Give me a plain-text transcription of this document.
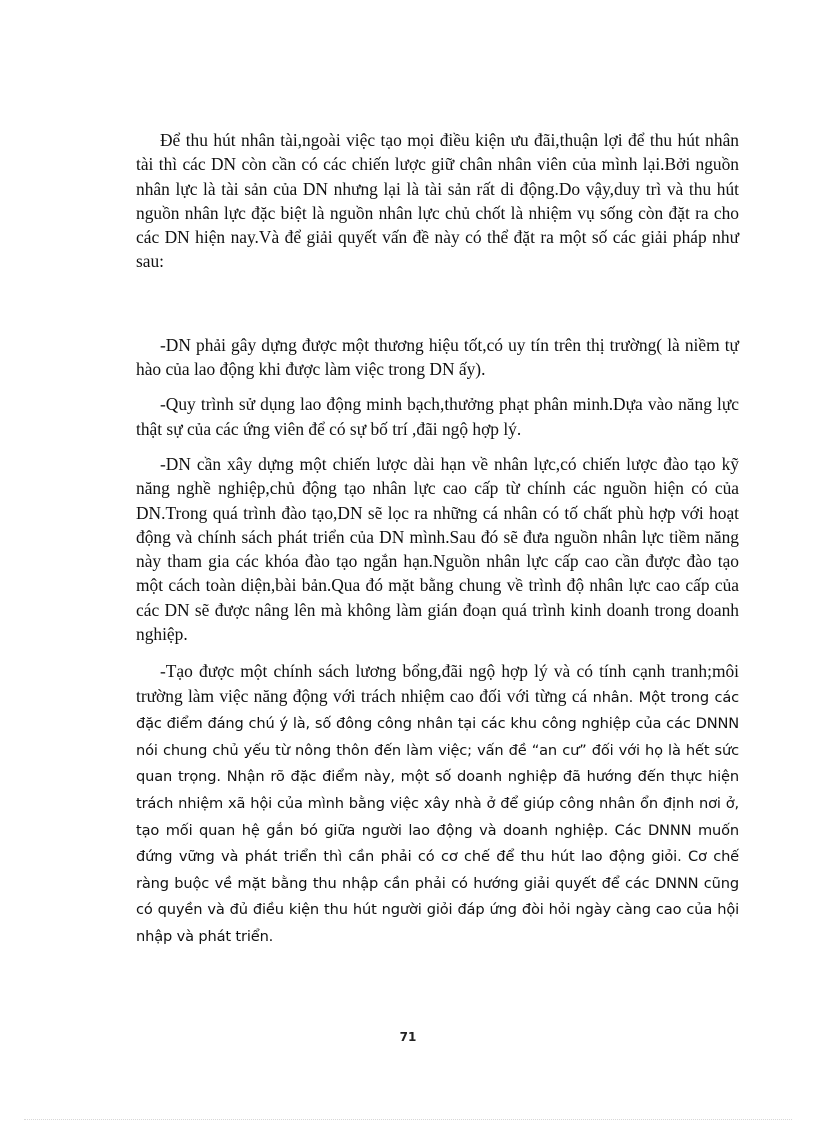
Để thu hút nhân tài,ngoài việc tạo mọi điều kiện ưu đãi,thuận lợi để thu hút nhân tài thì các DN còn cần có các chiến lược giữ chân nhân viên của mình lại.Bởi nguồn nhân lực là tài sản của DN nhưng lại là tài sản rất di động.Do vậy,duy trì và thu hút nguồn nhân lực đặc biệt là nguồn nhân lực chủ chốt là nhiệm vụ sống còn đặt ra cho các DN hiện nay.Và để giải quyết vấn đề này có thể đặt ra một số các giải pháp như sau:

-DN phải gây dựng được một thương hiệu tốt,có uy tín trên thị trường( là niềm tự hào của lao động khi được làm việc trong DN ấy).

-Quy trình sử dụng lao động minh bạch,thưởng phạt phân minh.Dựa vào năng lực thật sự của các ứng viên để có sự bố trí ,đãi ngộ hợp lý.

-DN cần xây dựng một chiến lược dài hạn về nhân lực,có chiến lược đào tạo kỹ năng nghề nghiệp,chủ động tạo nhân lực cao cấp từ chính các nguồn hiện có của DN.Trong quá trình đào tạo,DN sẽ lọc ra những cá nhân có tố chất phù hợp với hoạt động và chính sách phát triển của DN mình.Sau đó sẽ đưa nguồn nhân lực tiềm năng này tham gia các khóa đào tạo ngắn hạn.Nguồn nhân lực cấp cao cần được đào tạo một cách toàn diện,bài bản.Qua đó mặt bằng chung về trình độ nhân lực cao cấp của các DN sẽ được nâng lên mà không làm gián đoạn quá trình kinh doanh trong doanh nghiệp.

-Tạo được một chính sách lương bổng,đãi ngộ hợp lý và có tính cạnh tranh;môi trường làm việc năng động với trách nhiệm cao đối với từng cá nhân. Một trong các đặc điểm đáng chú ý là, số đông công nhân tại các khu công nghiệp của các DNNN nói chung chủ yếu từ nông thôn đến làm việc; vấn đề “an cư” đối với họ là hết sức quan trọng. Nhận rõ đặc điểm này, một số doanh nghiệp đã hướng đến thực hiện trách nhiệm xã hội của mình bằng việc xây nhà ở để giúp công nhân ổn định nơi ở, tạo mối quan hệ gắn bó giữa người lao động và doanh nghiệp. Các DNNN muốn đứng vững và phát triển thì cần phải có cơ chế để thu hút lao động giỏi. Cơ chế ràng buộc về mặt bằng thu nhập cần phải có hướng giải quyết để các DNNN cũng có quyền và đủ điều kiện thu hút người giỏi đáp ứng đòi hỏi ngày càng cao của hội nhập và phát triển.

71
